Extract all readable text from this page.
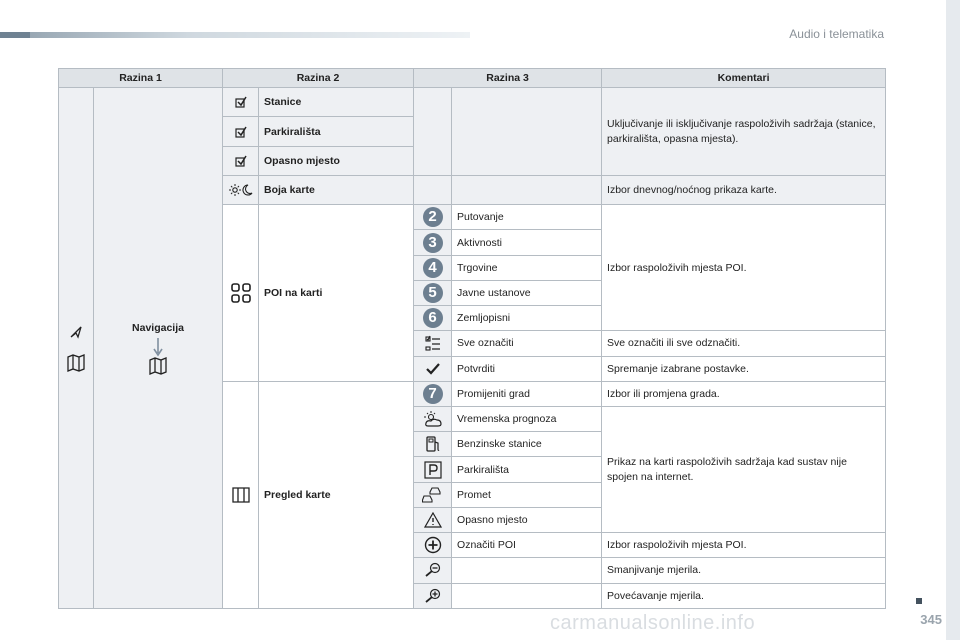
Audio i telematika
345
carmanualsonline.info
Razina 1		Razina 2		Razina 3		Komentari

Navigacija		Stanice			Uključivanje ili isključivanje raspoloživih sadržaja (stanice, parkirališta, opasna mjesta).
	Parkirališta			
	Opasno mjesto			
	Boja karte			Izbor dnevnog/noćnog prikaza karte.
	POI na karti	2	Putovanje	Izbor raspoloživih mjesta POI.
				3	Aktivnosti	
				4	Trgovine	
				5	Javne ustanove	
				6	Zemljopisni	
	Sve označiti	Sve označiti ili sve odznačiti.
	Potvrditi	Spremanje izabrane postavke.
	Pregled karte	7	Promijeniti grad	Izbor ili promjena grada.
	Vremenska prognoza	Prikaz na karti raspoloživih sadržaja kad sustav nije spojen na internet.
	Benzinske stanice	
	Parkirališta	
	Promet	
	Opasno mjesto	
	Označiti POI	Izbor raspoloživih mjesta POI.
		Smanjivanje mjerila.
		Povećavanje mjerila.
